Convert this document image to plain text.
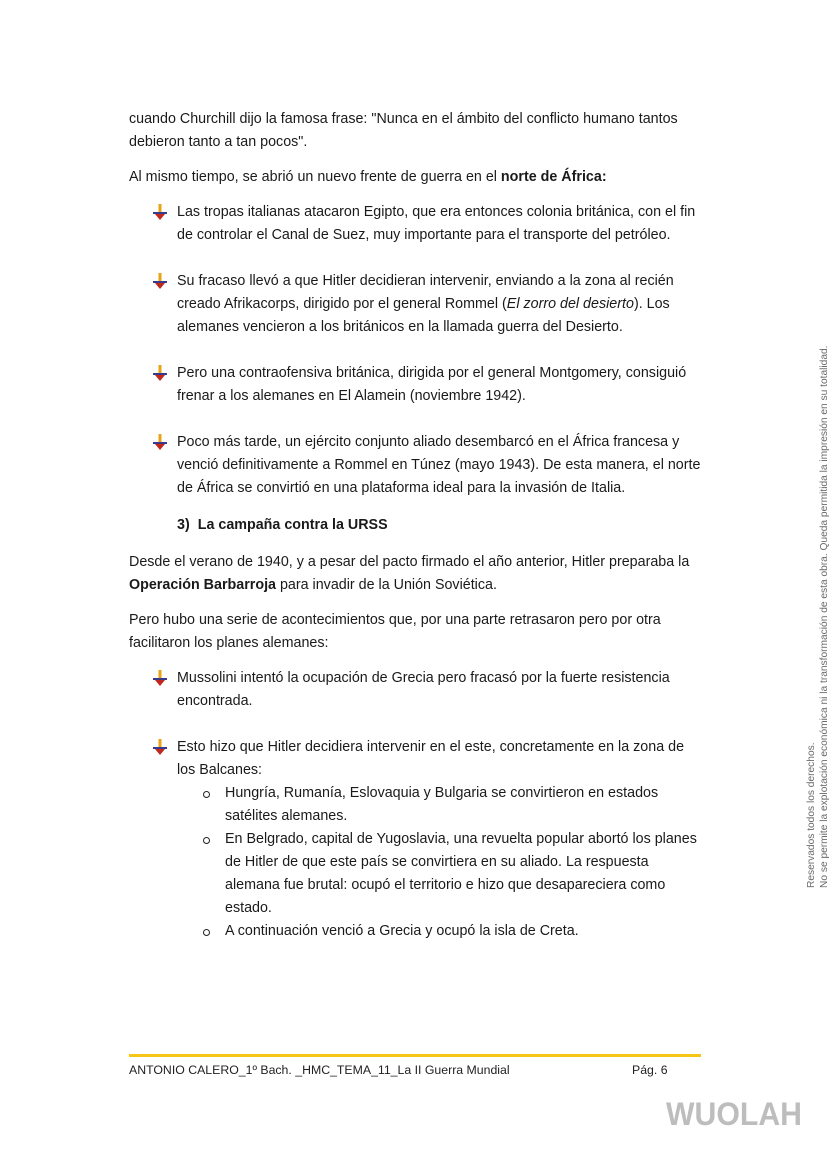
cuando Churchill dijo la famosa frase: "Nunca en el ámbito del conflicto humano tantos debieron tanto a tan pocos".

Al mismo tiempo, se abrió un nuevo frente de guerra en el norte de África:

Las tropas italianas atacaron Egipto, que era entonces colonia británica, con el fin de controlar el Canal de Suez, muy importante para el transporte del petróleo.
Su fracaso llevó a que Hitler decidieran intervenir, enviando a la zona al recién creado Afrikacorps, dirigido por el general Rommel (El zorro del desierto). Los alemanes vencieron a los británicos en la llamada guerra del Desierto.
Pero una contraofensiva británica, dirigida por el general Montgomery, consiguió frenar a los alemanes en El Alamein (noviembre 1942).
Poco más tarde, un ejército conjunto aliado desembarcó en el África francesa y venció definitivamente a Rommel en Túnez (mayo 1943). De esta manera, el norte de África se convirtió en una plataforma ideal para la invasión de Italia.
3) La campaña contra la URSS

Desde el verano de 1940, y a pesar del pacto firmado el año anterior, Hitler preparaba la Operación Barbarroja para invadir de la Unión Soviética.

Pero hubo una serie de acontecimientos que, por una parte retrasaron pero por otra facilitaron los planes alemanes:

Mussolini intentó la ocupación de Grecia pero fracasó por la fuerte resistencia encontrada.
Esto hizo que Hitler decidiera intervenir en el este, concretamente en la zona de los Balcanes:
Hungría, Rumanía, Eslovaquia y Bulgaria se convirtieron en estados satélites alemanes.
En Belgrado, capital de Yugoslavia, una revuelta popular abortó los planes de Hitler de que este país se convirtiera en su aliado. La respuesta alemana fue brutal: ocupó el territorio e hizo que desapareciera como estado.
A continuación venció a Grecia y ocupó la isla de Creta.
ANTONIO CALERO_1º Bach. _HMC_TEMA_11_La II Guerra Mundial	Pág. 6
Reservados todos los derechos. No se permite la explotación económica ni la transformación de esta obra. Queda permitida la impresión en su totalidad.
WUOLAH
